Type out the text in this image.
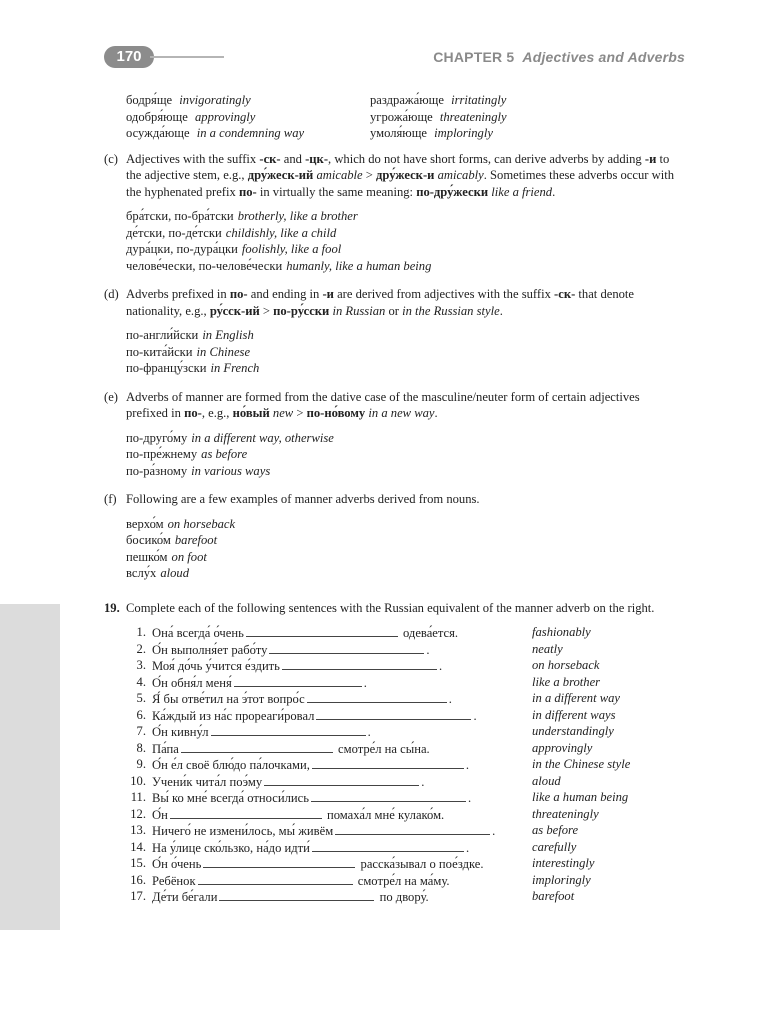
170	CHAPTER 5 Adjectives and Adverbs
бодря́ще invigoratingly
одобря́юще approvingly
осужда́юще in a condemning way
раздража́юще irritatingly
угрожа́юще threateningly
умоля́юще imploringly
(c) Adjectives with the suffix -ск- and -цк-, which do not have short forms, can derive adverbs by adding -и to the adjective stem, e.g., дру́жеск-ий amicable > дру́жеск-и amicably. Sometimes these adverbs occur with the hyphenated prefix по- in virtually the same meaning: по-дру́жески like a friend.
бра́тски, по-бра́тски brotherly, like a brother
де́тски, по-де́тски childishly, like a child
дура́цки, по-дура́цки foolishly, like a fool
челове́чески, по-челове́чески humanly, like a human being
(d) Adverbs prefixed in по- and ending in -и are derived from adjectives with the suffix -ск- that denote nationality, e.g., ру́сск-ий > по-ру́сски in Russian or in the Russian style.
по-англи́йски in English
по-кита́йски in Chinese
по-францу́зски in French
(e) Adverbs of manner are formed from the dative case of the masculine/neuter form of certain adjectives prefixed in по-, e.g., но́вый new > по-но́вому in a new way.
по-друго́му in a different way, otherwise
по-пре́жнему as before
по-ра́зному in various ways
(f) Following are a few examples of manner adverbs derived from nouns.
верхо́м on horseback
босико́м barefoot
пешко́м on foot
вслу́х aloud
19. Complete each of the following sentences with the Russian equivalent of the manner adverb on the right.
1. Она́ всегда́ о́чень	одева́ется.	fashionably
2. О́н выполня́ет рабо́ту	.	neatly
3. Моя́ до́чь у́чится е́здить	.	on horseback
4. О́н обня́л меня́	.	like a brother
5. Я́ бы отве́тил на э́тот вопро́с	.	in a different way
6. Ка́ждый из на́с прореаги́ровал	.	in different ways
7. О́н кивну́л	.	understandingly
8. Па́па	смотре́л на сы́на.	approvingly
9. О́н е́л своё блю́до па́лочками,	.	in the Chinese style
10. Учени́к чита́л поэ́му	.	aloud
11. Вы́ ко мне́ всегда́ относи́лись	.	like a human being
12. О́н	помаха́л мне́ кулако́м.	threateningly
13. Ничего́ не измени́лось, мы́ живём	.	as before
14. На у́лице ско́льзко, на́до идти́	.	carefully
15. О́н о́чень	расска́зывал о пое́здке.	interestingly
16. Ребёнок	смотре́л на ма́му.	imploringly
17. Де́ти бе́гали	по двору́.	barefoot
